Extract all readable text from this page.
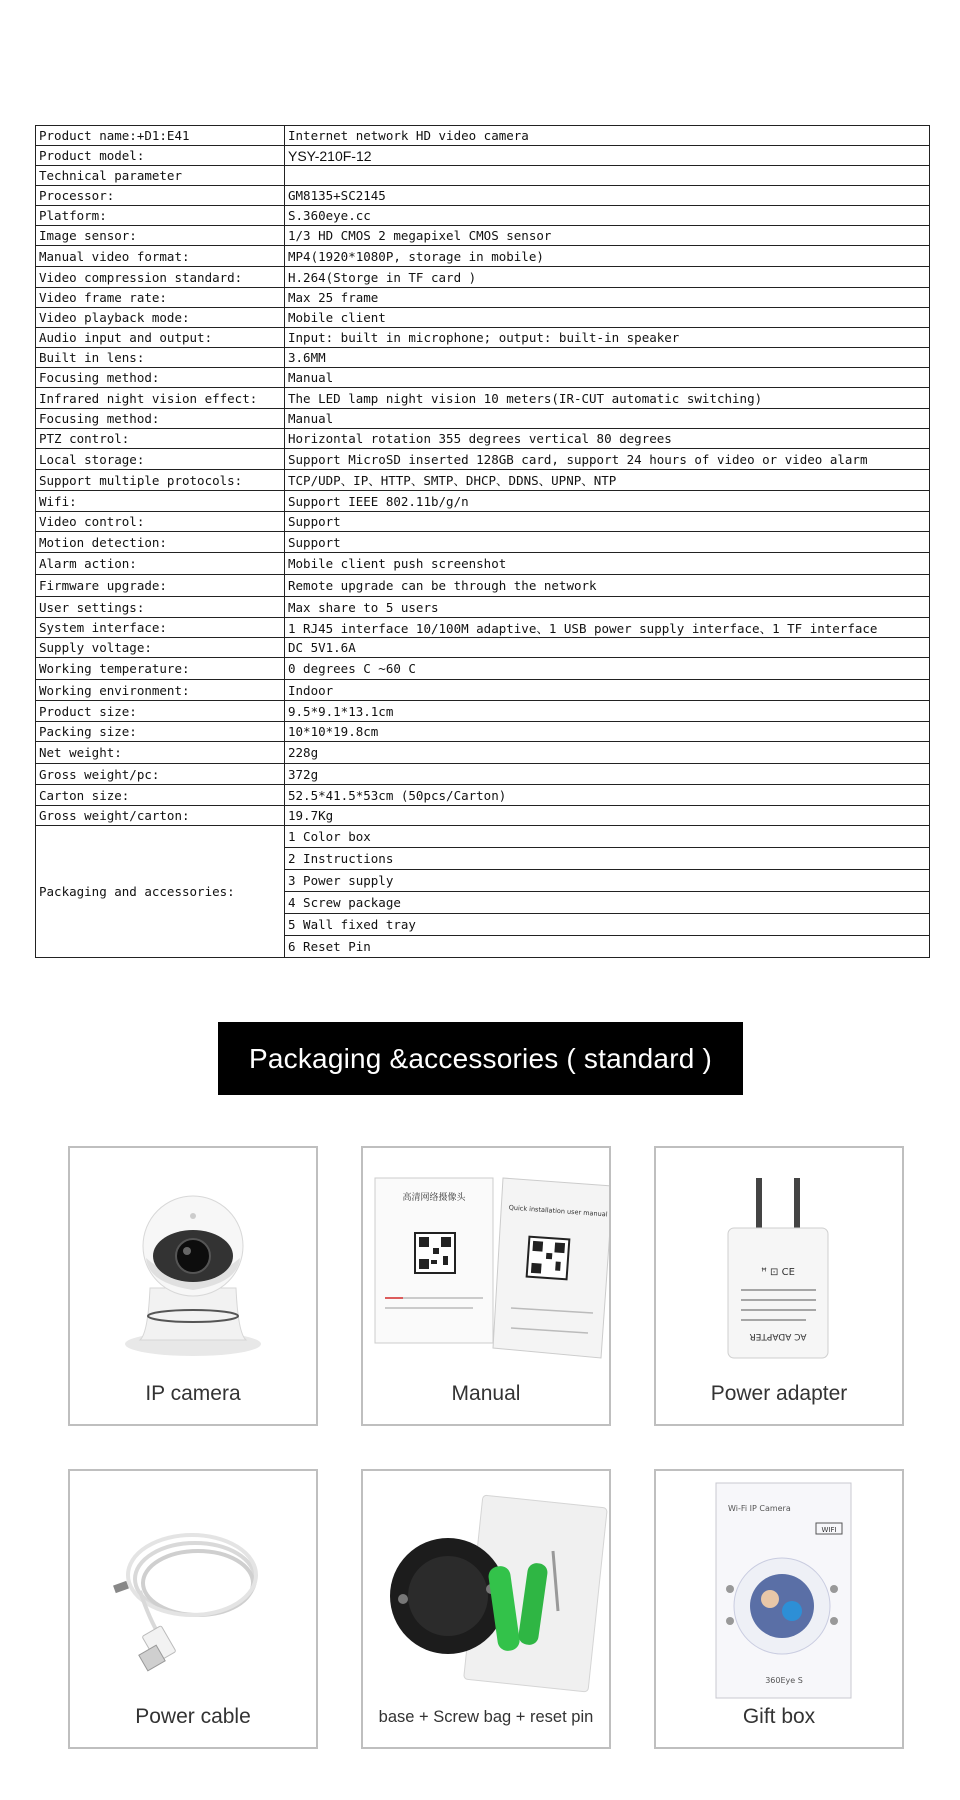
Product name:+D1:E41	Internet network HD video camera
Product model:	YSY-210F-12
Technical parameter	
Processor:	GM8135+SC2145
Platform:	S.360eye.cc
Image sensor:	1/3 HD CMOS 2 megapixel CMOS sensor
Manual video format:	MP4(1920*1080P, storage in mobile)
Video compression standard:	H.264(Storge in TF card )
Video frame rate:	Max 25 frame
Video playback mode:	Mobile client
Audio input and output:	Input: built in microphone; output: built-in speaker
Built in lens:	3.6MM
Focusing method:	Manual
Infrared night vision effect:	The LED lamp night vision 10 meters(IR-CUT automatic switching)
Focusing method:	Manual
PTZ control:	Horizontal rotation 355 degrees vertical 80 degrees
Local storage:	Support MicroSD inserted 128GB card, support 24 hours of video or video alarm
Support multiple protocols:	TCP/UDP、IP、HTTP、SMTP、DHCP、DDNS、UPNP、NTP
Wifi:	Support IEEE 802.11b/g/n
Video control:	Support
Motion detection:	Support
Alarm action:	Mobile client push screenshot
Firmware upgrade:	Remote upgrade can be through the network
User settings:	Max share to 5 users
System interface:	1 RJ45 interface 10/100M adaptive、1 USB power supply interface、1 TF interface
Supply voltage:	DC 5V1.6A
Working temperature:	0 degrees C ~60 C
Working environment:	Indoor
Product size:	9.5*9.1*13.1cm
Packing size:	10*10*19.8cm
Net weight:	228g
Gross weight/pc:	372g
Carton size:	52.5*41.5*53cm (50pcs/Carton)
Gross weight/carton:	19.7Kg
Packaging and accessories:	1 Color box
	2 Instructions
	3 Power supply
	4 Screw package
	5 Wall fixed tray
	6 Reset Pin
Packaging &accessories ( standard )
IP camera
高清网络摄像头
Quick installation user manual
Manual
ꟸ ⊡ CE
AC ADAPTER
Power adapter
Power cable	base + Screw bag + reset pin
Wi-Fi IP Camera
WIFI
360Eye S
Gift box
